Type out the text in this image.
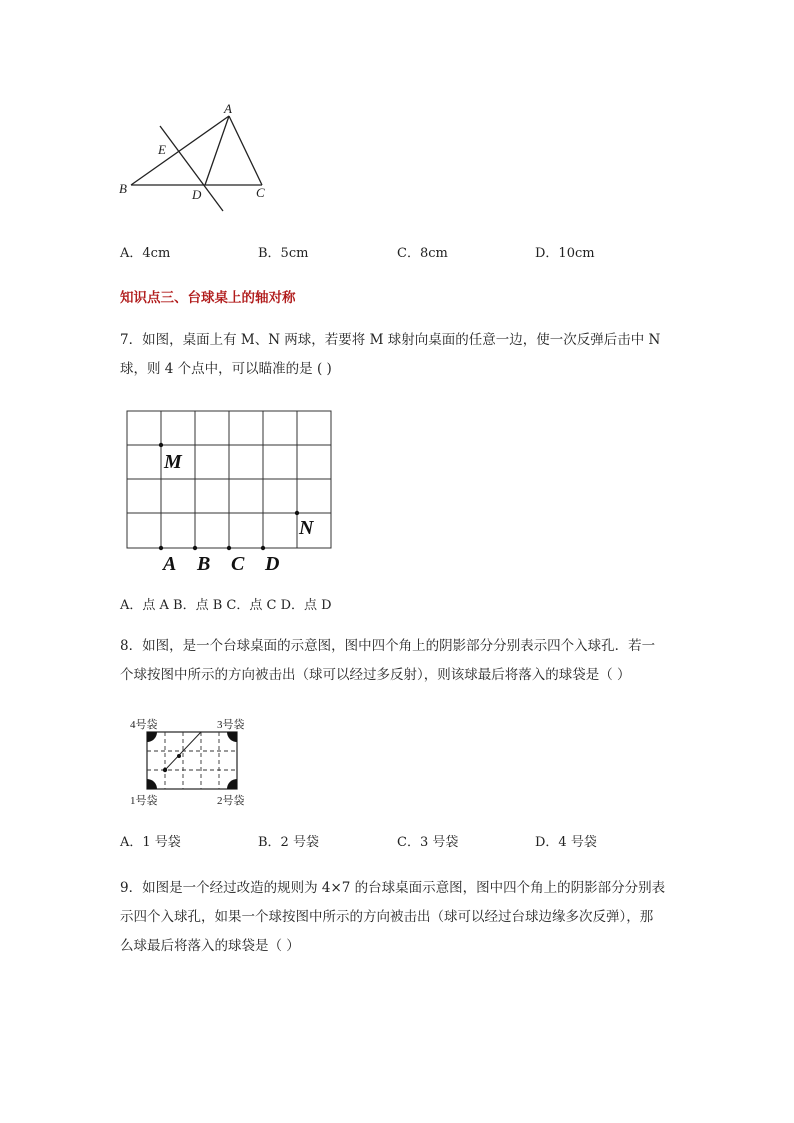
A
E
B	D	C
A．4cm	B．5cm	C．8cm	D．10cm
知识点三、台球桌上的轴对称
7．如图，桌面上有 M、N 两球，若要将 M 球射向桌面的任意一边，使一次反弹后击中 N
球，则 4 个点中，可以瞄准的是 ( )
M
N
A B C D
A．点 A B．点 B C．点 C D．点 D
8．如图，是一个台球桌面的示意图，图中四个角上的阴影部分分别表示四个入球孔．若一
个球按图中所示的方向被击出（球可以经过多反射），则该球最后将落入的球袋是（ ）
4号袋	3号袋
1号袋	2号袋
A．1 号袋	B．2 号袋	C．3 号袋	D．4 号袋
9．如图是一个经过改造的规则为 4×7 的台球桌面示意图，图中四个角上的阴影部分分别表
示四个入球孔，如果一个球按图中所示的方向被击出（球可以经过台球边缘多次反弹），那
么球最后将落入的球袋是（ ）
